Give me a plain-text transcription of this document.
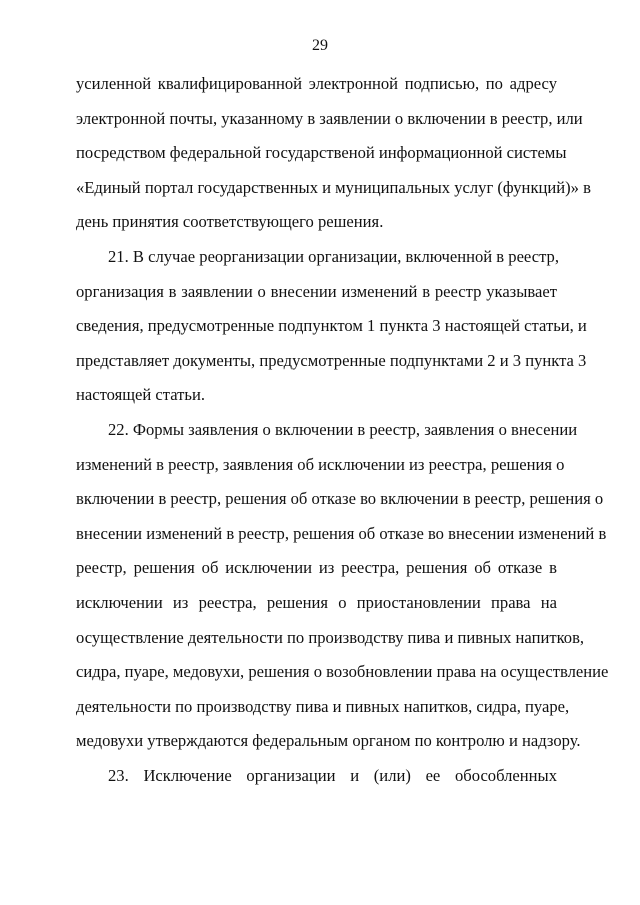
29
усиленной квалифицированной электронной подписью, по адресу
электронной почты, указанному в заявлении о включении в реестр, или
посредством федеральной государственой информационной системы
«Единый портал государственных и муниципальных услуг (функций)» в
день принятия соответствующего решения.
21. В случае реорганизации организации, включенной в реестр,
организация в заявлении о внесении изменений в реестр указывает
сведения, предусмотренные подпунктом 1 пункта 3 настоящей статьи, и
представляет документы, предусмотренные подпунктами 2 и 3 пункта 3
настоящей статьи.
22. Формы заявления о включении в реестр, заявления о внесении
изменений в реестр, заявления об исключении из реестра, решения о
включении в реестр, решения об отказе во включении в реестр, решения о
внесении изменений в реестр, решения об отказе во внесении изменений в
реестр, решения об исключении из реестра, решения об отказе в
исключении из реестра, решения о приостановлении права на
осуществление деятельности по производству пива и пивных напитков,
сидра, пуаре, медовухи, решения о возобновлении права на осуществление
деятельности по производству пива и пивных напитков, сидра, пуаре,
медовухи утверждаются федеральным органом по контролю и надзору.
23. Исключение организации и (или) ее обособленных
